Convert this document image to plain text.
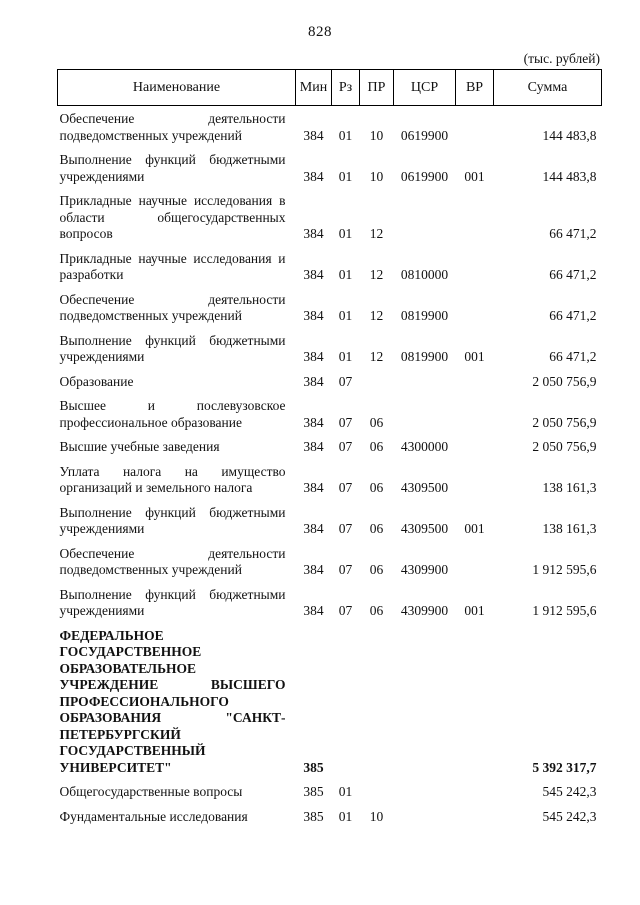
828
(тыс. рублей)
Наименование	Мин	Рз	ПР	ЦСР	ВР	Сумма
Обеспечение деятельности подведомственных учреждений	384	01	10	0619900		144 483,8
Выполнение функций бюджетными учреждениями	384	01	10	0619900	001	144 483,8
Прикладные научные исследования в области общегосударственных вопросов	384	01	12			66 471,2
Прикладные научные исследования и разработки	384	01	12	0810000		66 471,2
Обеспечение деятельности подведомственных учреждений	384	01	12	0819900		66 471,2
Выполнение функций бюджетными учреждениями	384	01	12	0819900	001	66 471,2
Образование	384	07				2 050 756,9
Высшее и послевузовское профессиональное образование	384	07	06			2 050 756,9
Высшие учебные заведения	384	07	06	4300000		2 050 756,9
Уплата налога на имущество организаций и земельного налога	384	07	06	4309500		138 161,3
Выполнение функций бюджетными учреждениями	384	07	06	4309500	001	138 161,3
Обеспечение деятельности подведомственных учреждений	384	07	06	4309900		1 912 595,6
Выполнение функций бюджетными учреждениями	384	07	06	4309900	001	1 912 595,6
ФЕДЕРАЛЬНОЕ ГОСУДАРСТВЕННОЕ ОБРАЗОВАТЕЛЬНОЕ УЧРЕЖДЕНИЕ ВЫСШЕГО ПРОФЕССИОНАЛЬНОГО ОБРАЗОВАНИЯ "САНКТ-ПЕТЕРБУРГСКИЙ ГОСУДАРСТВЕННЫЙ УНИВЕРСИТЕТ"	385					5 392 317,7
Общегосударственные вопросы	385	01				545 242,3
Фундаментальные исследования	385	01	10			545 242,3
